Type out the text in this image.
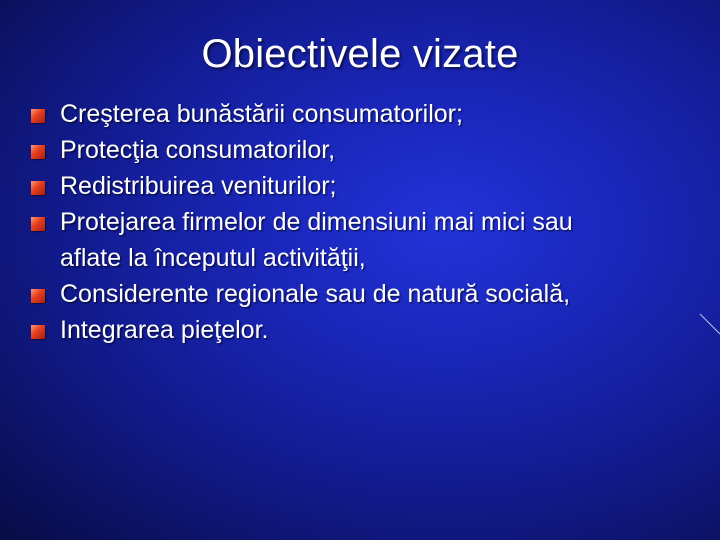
Obiectivele vizate
Creşterea bunăstării consumatorilor;
Protecţia consumatorilor,
Redistribuirea veniturilor;
Protejarea firmelor de dimensiuni mai mici sau
aflate la începutul activităţii,
Considerente regionale sau de natură socială,
Integrarea pieţelor.
